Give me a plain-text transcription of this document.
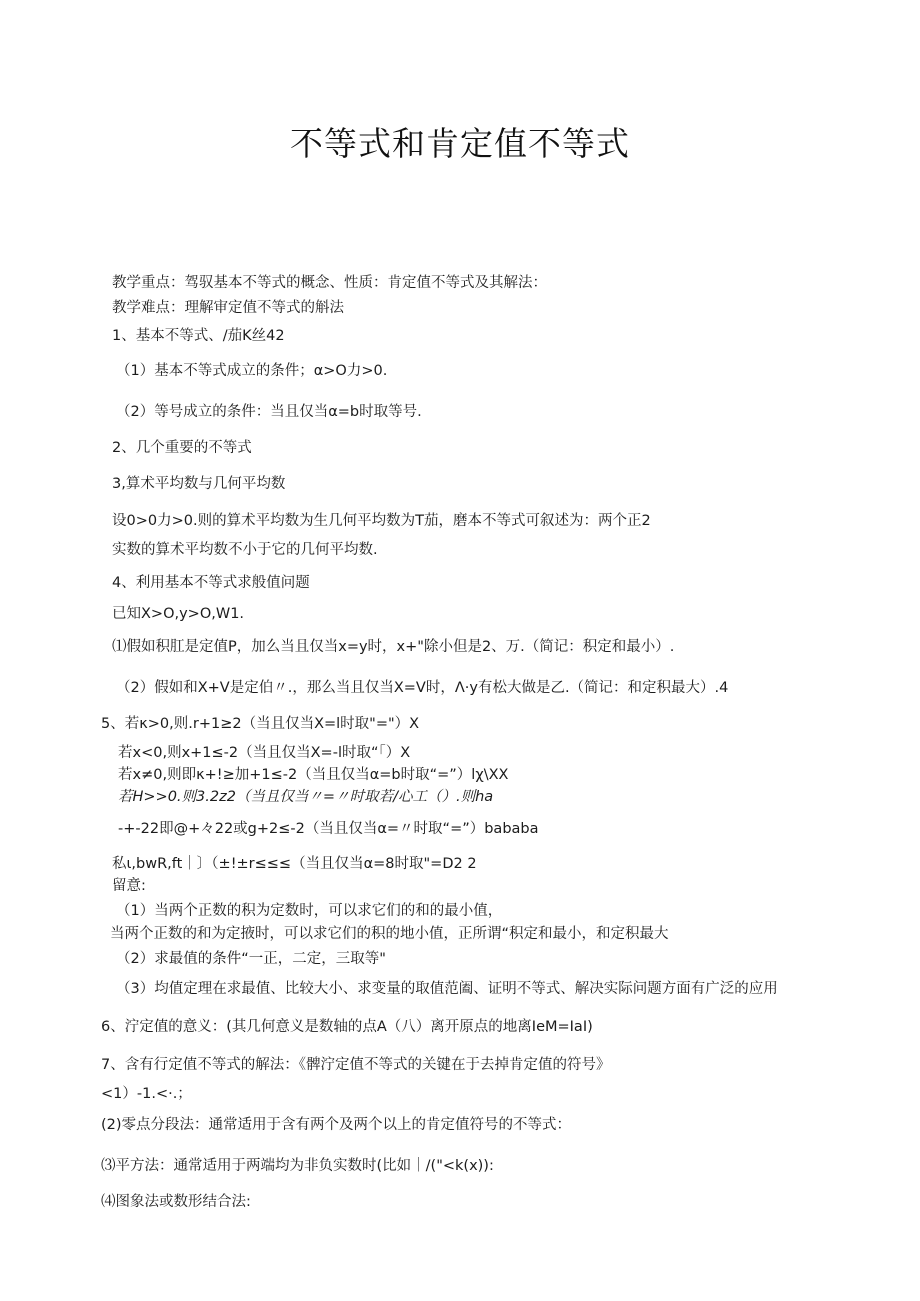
不等式和肯定值不等式
教学重点：驾驭基本不等式的概念、性质：肯定值不等式及其解法：
教学难点：理解审定值不等式的斛法
1、基本不等式、/茄K丝42
（1）基本不等式成立的条件；α>O力>0.
（2）等号成立的条件：当且仅当α=b时取等号.
2、几个重要的不等式
3,算术平均数与几何平均数
设0>0力>0.则的算术平均数为生几何平均数为T茄，磨本不等式可叙述为：两个正2
实数的算术平均数不小于它的几何平均数.
4、利用基本不等式求般值问题
已知X>O,y>O,W1.
⑴假如积肛是定值P，加么当且仅当x=y时，x+"除小但是2、万.（简记：积定和最小）.
（2）假如和X+V是定伯〃.，那么当且仅当X=V时，Λ·y有松大做是乙.（简记：和定积最大）.4
5、若κ>0,则.r+1≥2（当且仅当X=l时取"="）X
若x<0,则x+1≤-2（当且仅当X=-l时取“「）X
若x≠0,则即κ+!≥加+1≤-2（当且仅当α=b时取“=”）lχ\XX
若H>>0.则3.2z2（当且仅当〃=〃时取若/心工（）.则ha
-+-22即@+々22或g+2≤-2（当且仅当α=〃时取“=”）bababa
私ι,bwR,ft｜〕（±!±r≤≤≤（当且仅当α=8时取"=D2 2
留意:
（1）当两个正数的积为定数时，可以求它们的和的最小值，
当两个正数的和为定掖时，可以求它们的积的地小值，正所谓“积定和最小，和定积最大
（2）求最值的条件“一正，二定，三取等"
（3）均值定理在求最值、比较大小、求变量的取值范阖、证明不等式、解决实际问题方面有广泛的应用
6、泞定值的意义：(其几何意义是数轴的点A（八）离开原点的地离IeM=IaI)
7、含有行定值不等式的解法：《髀泞定值不等式的关键在于去掉肯定值的符号》
<1）-1.<·.；
(2)零点分段法：通常适用于含有两个及两个以上的肯定值符号的不等式：
⑶平方法：通常适用于两端均为非负实数时(比如｜/("<k(x)):
⑷图象法或数形结合法:
